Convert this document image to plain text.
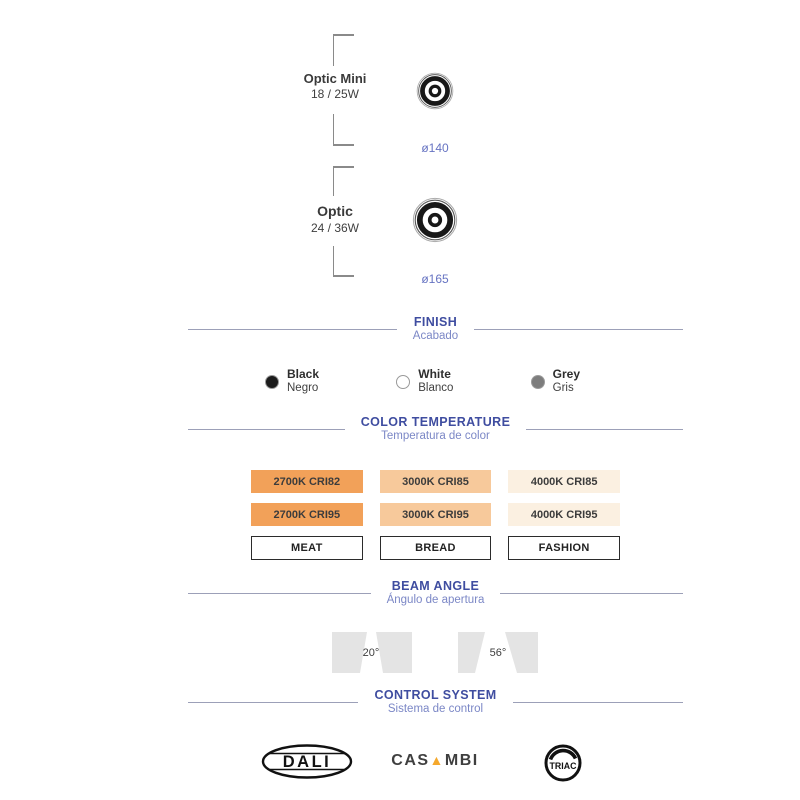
Optic Mini
18 / 25W
ø140
Optic
24 / 36W
ø165
FINISH
Acabado
Black
Negro
White
Blanco
Grey
Gris
COLOR TEMPERATURE
Temperatura de color
2700K CRI82	3000K CRI85	4000K CRI85
2700K CRI95	3000K CRI95	4000K CRI95
MEAT	BREAD	FASHION
BEAM ANGLE
Ángulo de apertura
20°	56°
CONTROL SYSTEM
Sistema de control
DALI	CAS▲MBI	TRIAC
